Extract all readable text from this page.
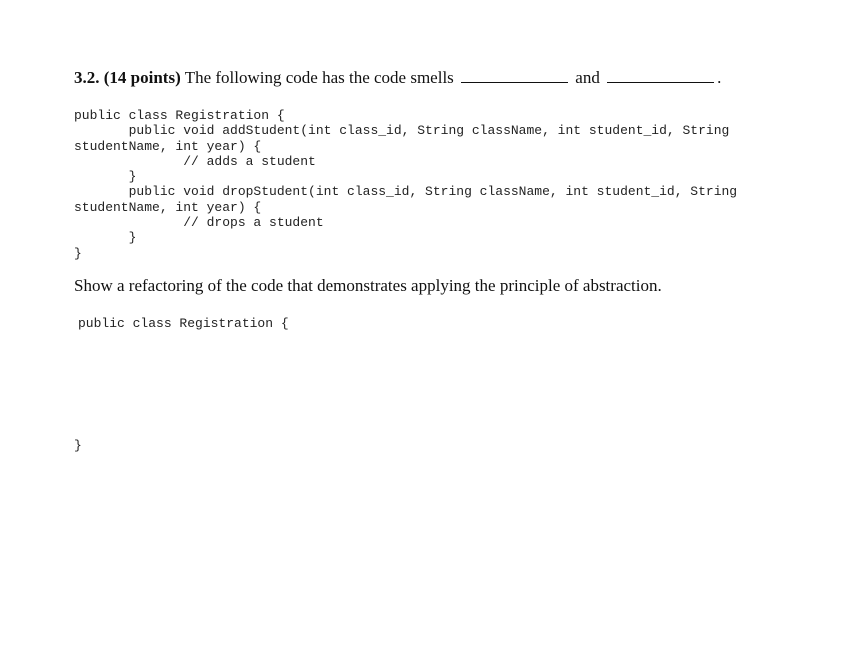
3.2. (14 points) The following code has the code smells	and	.
public class Registration {
public void addStudent(int class_id, String className, int student_id, String
studentName, int year) {
// adds a student
}
public void dropStudent(int class_id, String className, int student_id, String
studentName, int year) {
// drops a student
}
}
Show a refactoring of the code that demonstrates applying the principle of abstraction.
public class Registration {
}
